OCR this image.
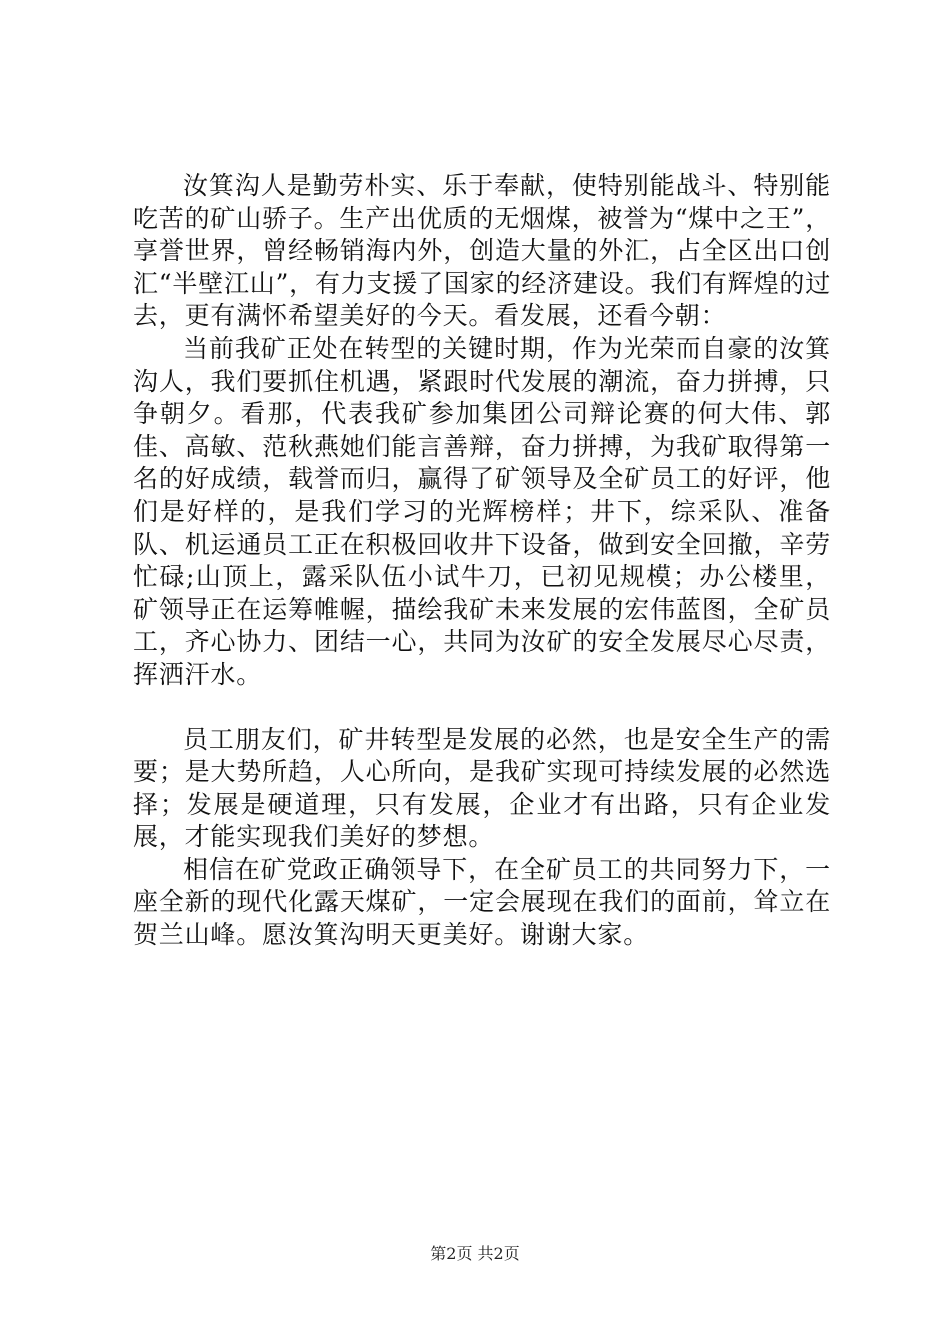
汝箕沟人是勤劳朴实、乐于奉献，使特别能战斗、特别能吃苦的矿山骄子。生产出优质的无烟煤，被誉为“煤中之王”，享誉世界，曾经畅销海内外，创造大量的外汇，占全区出口创汇“半壁江山”，有力支援了国家的经济建设。我们有辉煌的过去，更有满怀希望美好的今天。看发展，还看今朝：

当前我矿正处在转型的关键时期，作为光荣而自豪的汝箕沟人，我们要抓住机遇，紧跟时代发展的潮流，奋力拼搏，只争朝夕。看那，代表我矿参加集团公司辩论赛的何大伟、郭佳、高敏、范秋燕她们能言善辩，奋力拼搏，为我矿取得第一名的好成绩，载誉而归，赢得了矿领导及全矿员工的好评，他们是好样的，是我们学习的光辉榜样；井下，综采队、准备队、机运通员工正在积极回收井下设备，做到安全回撤，辛劳忙碌;山顶上，露采队伍小试牛刀，已初见规模；办公楼里，矿领导正在运筹帷幄，描绘我矿未来发展的宏伟蓝图，全矿员工，齐心协力、团结一心，共同为汝矿的安全发展尽心尽责，挥洒汗水。

员工朋友们，矿井转型是发展的必然，也是安全生产的需要；是大势所趋，人心所向，是我矿实现可持续发展的必然选择；发展是硬道理，只有发展，企业才有出路，只有企业发展，才能实现我们美好的梦想。

相信在矿党政正确领导下，在全矿员工的共同努力下，一座全新的现代化露天煤矿，一定会展现在我们的面前，耸立在贺兰山峰。愿汝箕沟明天更美好。谢谢大家。

第2页 共2页
